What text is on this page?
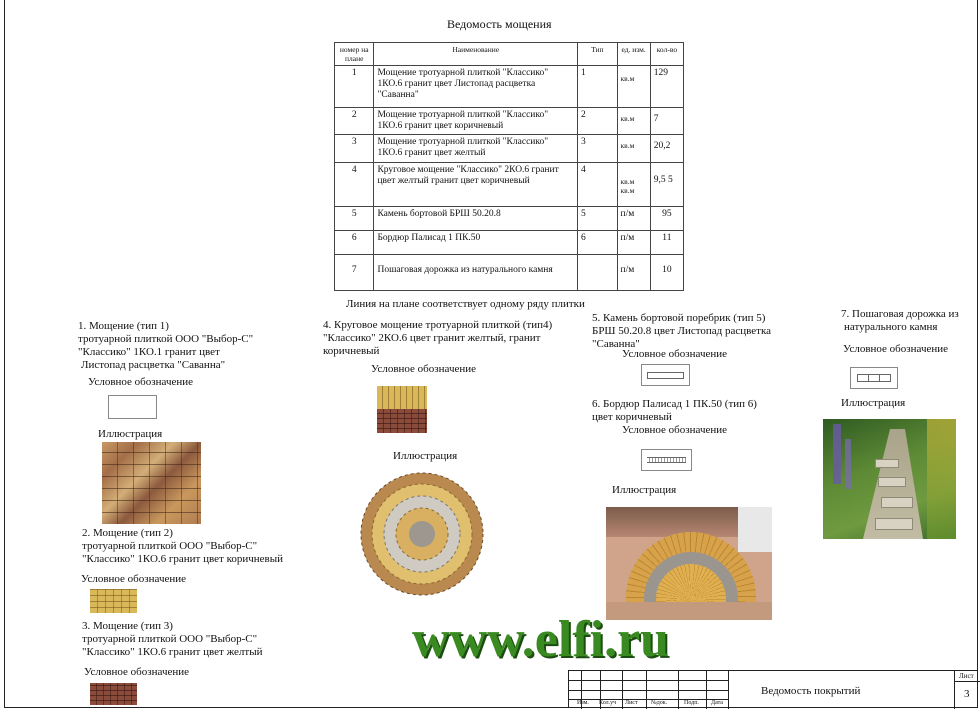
Ведомость мощения
номер на плане	Наименование	Тип	ед. изм.	кол-во
1	Мощение тротуарной плиткой "Классико" 1КО.6 гранит цвет Листопад расцветка "Саванна"	1	кв.м	129
2	Мощение тротуарной плиткой "Классико" 1КО.6 гранит цвет коричневый	2	кв.м	7
3	Мощение тротуарной плиткой "Классико" 1КО.6 гранит цвет желтый	3	кв.м	20,2
4	Круговое мощение "Классико" 2КО.6 гранит цвет желтый гранит цвет коричневый	4	кв.м кв.м	9,5 5
5	Камень бортовой БРШ 50.20.8	5	п/м	95
6	Бордюр Палисад 1 ПК.50	6	п/м	11
7	Пошаговая дорожка из натурального камня		п/м	10
Линия на плане соответствует одному ряду плитки
1. Мощение (тип 1)
тротуарной плиткой ООО "Выбор-С"
"Классико" 1КО.1 гранит цвет
Листопад расцветка "Саванна"
Условное обозначение
Иллюстрация
2. Мощение (тип 2)
тротуарной плиткой ООО "Выбор-С"
"Классико" 1КО.6 гранит цвет коричневый
Условное обозначение
3. Мощение (тип 3)
тротуарной плиткой ООО "Выбор-С"
"Классико" 1КО.6 гранит цвет желтый
Условное обозначение
4. Круговое мощение тротуарной плиткой (тип4)
"Классико" 2КО.6 цвет гранит желтый, гранит
коричневый
Условное обозначение
Иллюстрация
5. Камень бортовой поребрик (тип 5)
БРШ 50.20.8 цвет Листопад расцветка
"Саванна"
Условное обозначение
6. Бордюр Палисад 1 ПК.50 (тип 6)
цвет коричневый
Условное обозначение
Иллюстрация
7. Пошаговая дорожка из
натурального камня
Условное обозначение
Иллюстрация
www.elfi.ru
Изм. Кол.уч Лист №док.	Подп. Дата
Ведомость покрытий
Лист
3
